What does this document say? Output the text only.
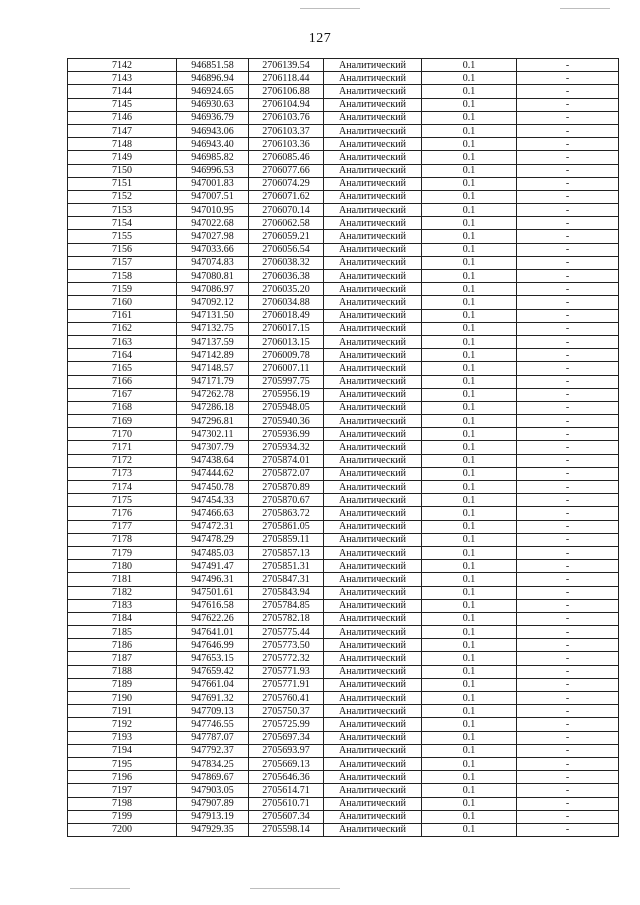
127
7142	946851.58	2706139.54	Аналитический	0.1	-
7143	946896.94	2706118.44	Аналитический	0.1	-
7144	946924.65	2706106.88	Аналитический	0.1	-
7145	946930.63	2706104.94	Аналитический	0.1	-
7146	946936.79	2706103.76	Аналитический	0.1	-
7147	946943.06	2706103.37	Аналитический	0.1	-
7148	946943.40	2706103.36	Аналитический	0.1	-
7149	946985.82	2706085.46	Аналитический	0.1	-
7150	946996.53	2706077.66	Аналитический	0.1	-
7151	947001.83	2706074.29	Аналитический	0.1	-
7152	947007.51	2706071.62	Аналитический	0.1	-
7153	947010.95	2706070.14	Аналитический	0.1	-
7154	947022.68	2706062.58	Аналитический	0.1	-
7155	947027.98	2706059.21	Аналитический	0.1	-
7156	947033.66	2706056.54	Аналитический	0.1	-
7157	947074.83	2706038.32	Аналитический	0.1	-
7158	947080.81	2706036.38	Аналитический	0.1	-
7159	947086.97	2706035.20	Аналитический	0.1	-
7160	947092.12	2706034.88	Аналитический	0.1	-
7161	947131.50	2706018.49	Аналитический	0.1	-
7162	947132.75	2706017.15	Аналитический	0.1	-
7163	947137.59	2706013.15	Аналитический	0.1	-
7164	947142.89	2706009.78	Аналитический	0.1	-
7165	947148.57	2706007.11	Аналитический	0.1	-
7166	947171.79	2705997.75	Аналитический	0.1	-
7167	947262.78	2705956.19	Аналитический	0.1	-
7168	947286.18	2705948.05	Аналитический	0.1	-
7169	947296.81	2705940.36	Аналитический	0.1	-
7170	947302.11	2705936.99	Аналитический	0.1	-
7171	947307.79	2705934.32	Аналитический	0.1	-
7172	947438.64	2705874.01	Аналитический	0.1	-
7173	947444.62	2705872.07	Аналитический	0.1	-
7174	947450.78	2705870.89	Аналитический	0.1	-
7175	947454.33	2705870.67	Аналитический	0.1	-
7176	947466.63	2705863.72	Аналитический	0.1	-
7177	947472.31	2705861.05	Аналитический	0.1	-
7178	947478.29	2705859.11	Аналитический	0.1	-
7179	947485.03	2705857.13	Аналитический	0.1	-
7180	947491.47	2705851.31	Аналитический	0.1	-
7181	947496.31	2705847.31	Аналитический	0.1	-
7182	947501.61	2705843.94	Аналитический	0.1	-
7183	947616.58	2705784.85	Аналитический	0.1	-
7184	947622.26	2705782.18	Аналитический	0.1	-
7185	947641.01	2705775.44	Аналитический	0.1	-
7186	947646.99	2705773.50	Аналитический	0.1	-
7187	947653.15	2705772.32	Аналитический	0.1	-
7188	947659.42	2705771.93	Аналитический	0.1	-
7189	947661.04	2705771.91	Аналитический	0.1	-
7190	947691.32	2705760.41	Аналитический	0.1	-
7191	947709.13	2705750.37	Аналитический	0.1	-
7192	947746.55	2705725.99	Аналитический	0.1	-
7193	947787.07	2705697.34	Аналитический	0.1	-
7194	947792.37	2705693.97	Аналитический	0.1	-
7195	947834.25	2705669.13	Аналитический	0.1	-
7196	947869.67	2705646.36	Аналитический	0.1	-
7197	947903.05	2705614.71	Аналитический	0.1	-
7198	947907.89	2705610.71	Аналитический	0.1	-
7199	947913.19	2705607.34	Аналитический	0.1	-
7200	947929.35	2705598.14	Аналитический	0.1	-
